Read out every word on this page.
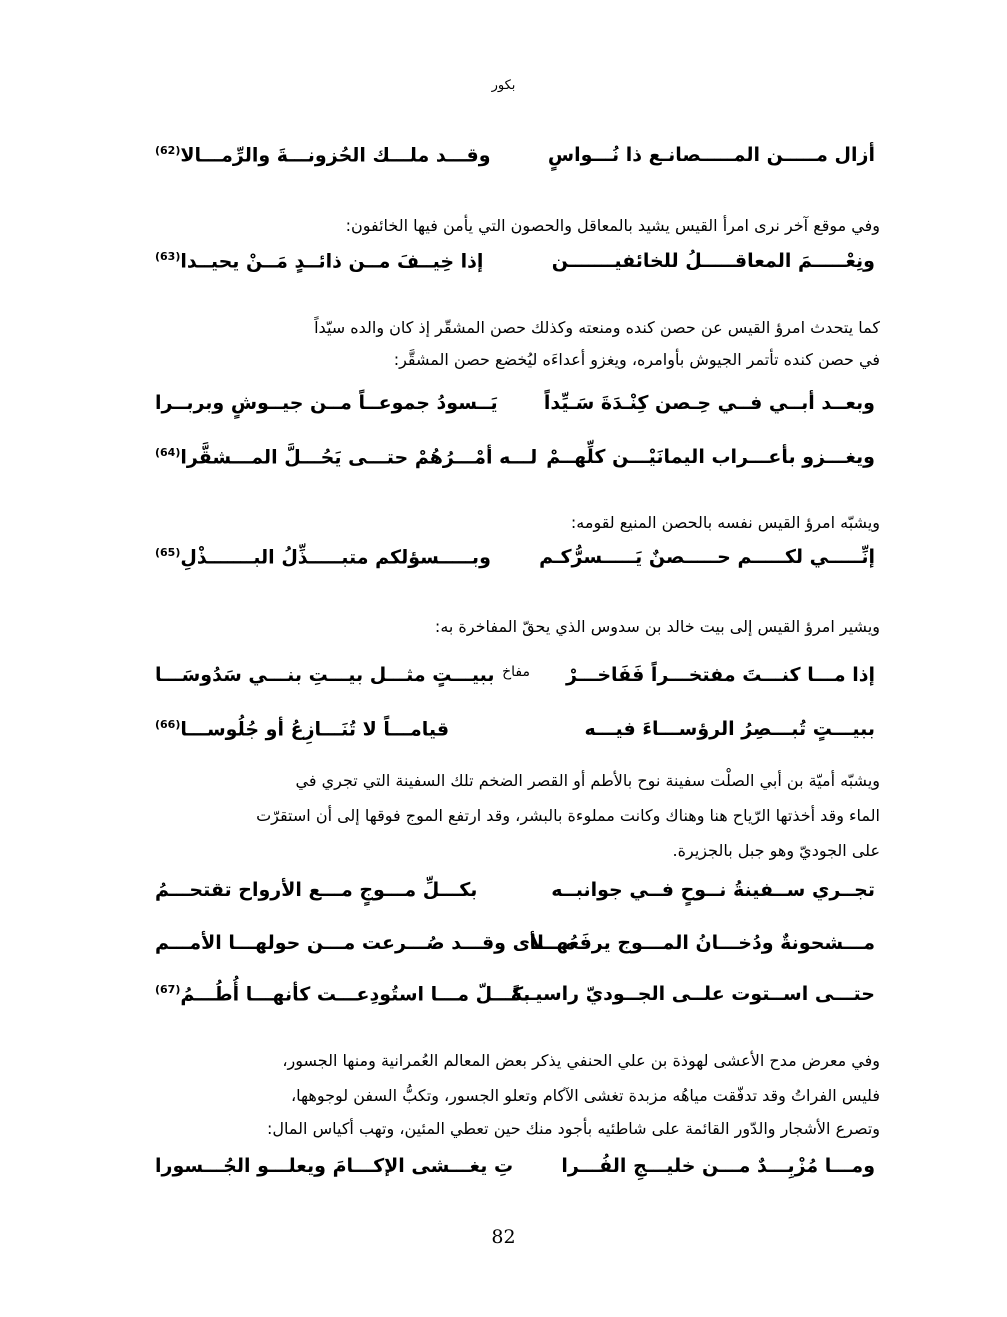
بكور
أزال مـــــن المـــــصانـع ذا نُـــواسٍ
وقـــد ملـــك الحُزونـــةَ والرِّمـــالا$^{(62)}$
وفي موقع آخر نرى امرأ القيس يشيد بالمعاقل والحصون التي يأمن فيها الخائفون:
ونِعْـــــمَ المعاقـــــلُ للخائفيـــــــن
إذا خِيــفَ مــن ذائــدٍ مَــنْ يحيــدا$^{(63)}$
كما يتحدث امرؤ القيس عن حصن كنده ومنعته وكذلك حصن المشقّر إذ كان والده سيّداً
في حصن كنده تأتمر الجيوش بأوامره، ويغزو أعداءَه ليُخضع حصن المشقَّر:
وبعــد أبــي فــي حِـصن كِنْـدَةَ سَـيِّداً
يَــسودُ جموعــاً مــن جيــوشٍ وبربــرا
ويغـــزو بأعـــراب اليمانَيْـــن كلِّهــمْ
لـــه أمْـــرُهُمْ حتـــى يَحُـــلَّ المـــشقَّرا$^{(64)}$
ويشبّه امرؤ القيس نفسه بالحصن المنيع لقومه:
إنِّـــــي لكـــــم حـــــصنٌ يَـــــسرُّكـم
وبـــــسؤلكم متبـــــذِّلُ البـــــــذْلِ$^{(65)}$
ويشير امرؤ القيس إلى بيت خالد بن سدوس الذي يحقّ المفاخرة به:
إذا مـــا كنـــتَ مفتخـــراً فَفَاخـــرْ
مفاخ
ببيـــتٍ مثـــل بيـــتِ بنـــي سَدُوسَـــا
ببيـــتٍ تُبـــصِرُ الرؤســـاءَ فيـــه
قيامـــاً لا تُنَـــازِعُ أو جُلُوســـا$^{(66)}$
ويشبّه أميّة بن أبي الصلْت سفينة نوح بالأطم أو القصر الضخم تلك السفينة التي تجري في
الماء وقد أخذتها الرّياح هنا وهناك وكانت مملوءة بالبشر، وقد ارتفع الموج فوقها إلى أن استقرّت
على الجوديّ وهو جبل بالجزيرة.
تجــري ســفينةُ نــوحٍ فــي جوانبــه
بكـــلِّ مـــوجٍ مـــع الأرواح تقتحـــمُ
مـــشحونةٌ ودُخـــانُ المـــوج يرفَعُهـــا
مـــلأى وقـــد صُـــرعت مـــن حولهـــا الأمـــم
حتـــى اســتوت علــى الجــوديّ راسيــةً
بكـــلّ مـــا استُودِعـــت كأنهـــا أُطُـــمُ$^{(67)}$
وفي معرض مدح الأعشى لهوذة بن علي الحنفي يذكر بعض المعالم العُمرانية ومنها الجسور،
فليس الفراتُ وقد تدفّقت مياهُه مزبدة تغشى الآكام وتعلو الجسور، وتكبُّ السفن لوجوهها،
وتصرع الأشجار والدّور القائمة على شاطئيه بأجود منك حين تعطي المئين، وتهب أكياس المال:
ومـــا مُزْبِـــدٌ مـــن خليـــجِ الفُـــرا
تِ يغـــشى الإكـــامَ ويعلـــو الجُـــسورا
82
